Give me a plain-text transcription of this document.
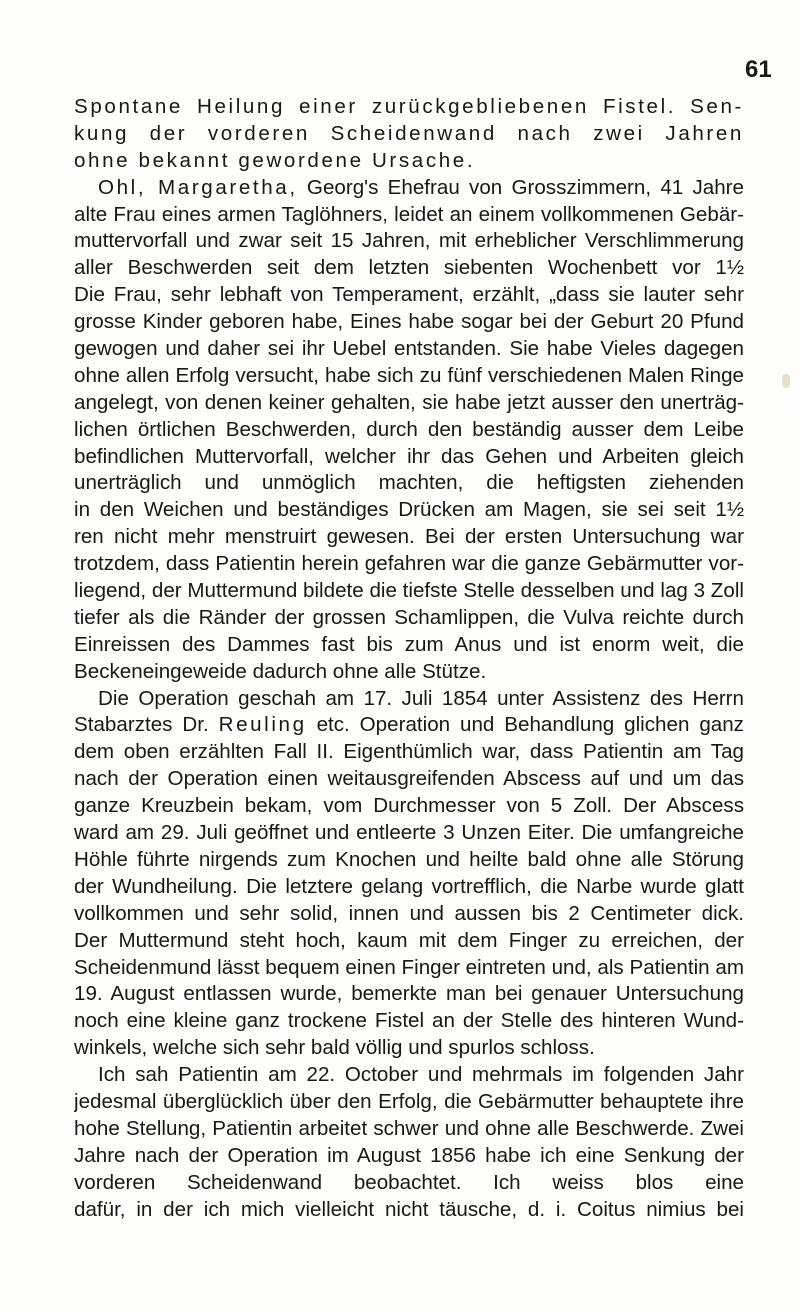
61
Spontane Heilung einer zurückgebliebenen Fistel. Sen-
kung der vorderen Scheidenwand nach zwei Jahren
ohne bekannt gewordene Ursache.
Ohl, Margaretha, Georg's Ehefrau von Grosszimmern, 41 Jahre
alte Frau eines armen Taglöhners, leidet an einem vollkommenen Gebär-
muttervorfall und zwar seit 15 Jahren, mit erheblicher Verschlimmerung
aller Beschwerden seit dem letzten siebenten Wochenbett vor 1½
Die Frau, sehr lebhaft von Temperament, erzählt, „dass sie lauter sehr
grosse Kinder geboren habe, Eines habe sogar bei der Geburt 20 Pfund
gewogen und daher sei ihr Uebel entstanden. Sie habe Vieles dagegen
ohne allen Erfolg versucht, habe sich zu fünf verschiedenen Malen Ringe
angelegt, von denen keiner gehalten, sie habe jetzt ausser den unerträg-
lichen örtlichen Beschwerden, durch den beständig ausser dem Leibe
befindlichen Muttervorfall, welcher ihr das Gehen und Arbeiten gleich
unerträglich und unmöglich machten, die heftigsten ziehenden
in den Weichen und beständiges Drücken am Magen, sie sei seit 1½
ren nicht mehr menstruirt gewesen. Bei der ersten Untersuchung war
trotzdem, dass Patientin herein gefahren war die ganze Gebärmutter vor-
liegend, der Muttermund bildete die tiefste Stelle desselben und lag 3 Zoll
tiefer als die Ränder der grossen Schamlippen, die Vulva reichte durch
Einreissen des Dammes fast bis zum Anus und ist enorm weit, die
Beckeneingeweide dadurch ohne alle Stütze.
Die Operation geschah am 17. Juli 1854 unter Assistenz des Herrn
Stabarztes Dr. Reuling etc. Operation und Behandlung glichen ganz
dem oben erzählten Fall II. Eigenthümlich war, dass Patientin am Tag
nach der Operation einen weitausgreifenden Abscess auf und um das
ganze Kreuzbein bekam, vom Durchmesser von 5 Zoll. Der Abscess
ward am 29. Juli geöffnet und entleerte 3 Unzen Eiter. Die umfangreiche
Höhle führte nirgends zum Knochen und heilte bald ohne alle Störung
der Wundheilung. Die letztere gelang vortrefflich, die Narbe wurde glatt
vollkommen und sehr solid, innen und aussen bis 2 Centimeter dick.
Der Muttermund steht hoch, kaum mit dem Finger zu erreichen, der
Scheidenmund lässt bequem einen Finger eintreten und, als Patientin am
19. August entlassen wurde, bemerkte man bei genauer Untersuchung
noch eine kleine ganz trockene Fistel an der Stelle des hinteren Wund-
winkels, welche sich sehr bald völlig und spurlos schloss.
Ich sah Patientin am 22. October und mehrmals im folgenden Jahr
jedesmal überglücklich über den Erfolg, die Gebärmutter behauptete ihre
hohe Stellung, Patientin arbeitet schwer und ohne alle Beschwerde. Zwei
Jahre nach der Operation im August 1856 habe ich eine Senkung der
vorderen Scheidenwand beobachtet. Ich weiss blos eine
dafür, in der ich mich vielleicht nicht täusche, d. i. Coitus nimius bei
